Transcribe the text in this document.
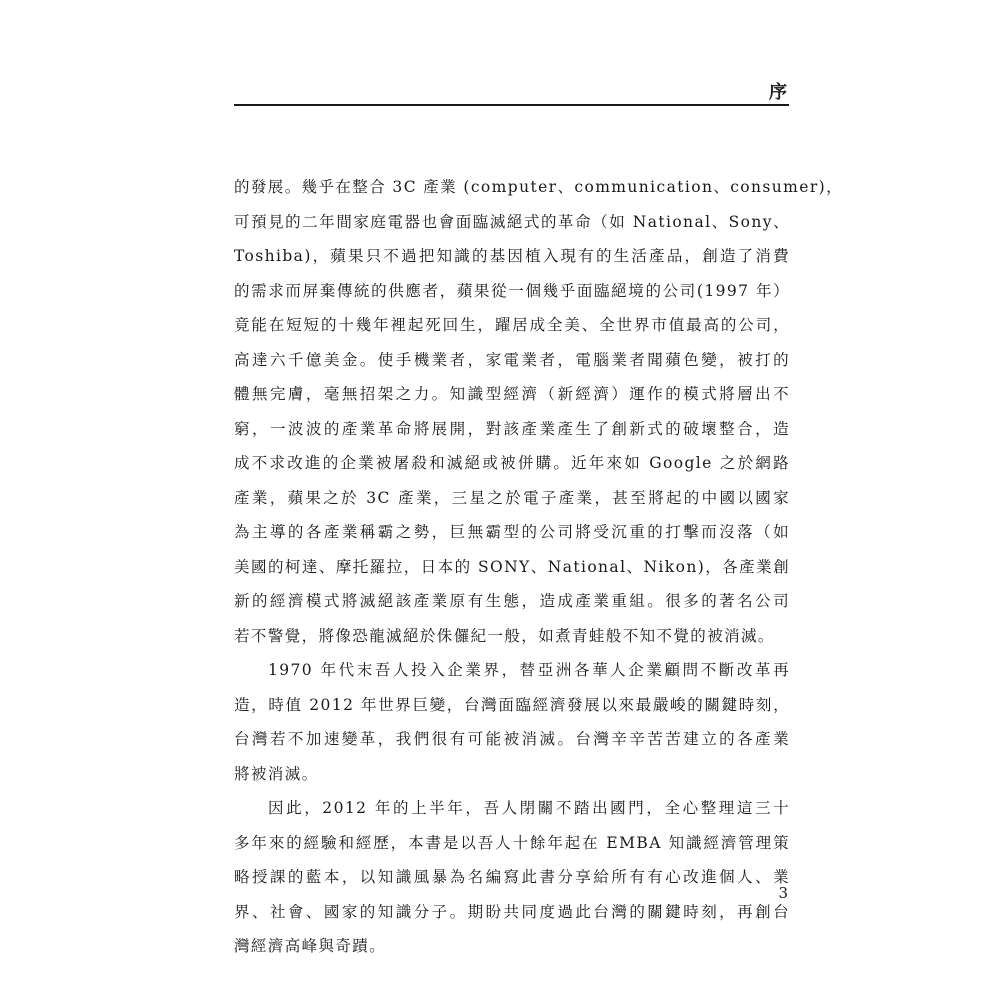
序
的發展。幾乎在整合 3C 產業 (computer、communication、consumer)，
可預見的二年間家庭電器也會面臨滅絕式的革命（如 National、Sony、
Toshiba)，蘋果只不過把知識的基因植入現有的生活產品，創造了消費
的需求而屏棄傳統的供應者，蘋果從一個幾乎面臨絕境的公司(1997 年）
竟能在短短的十幾年裡起死回生，躍居成全美、全世界市值最高的公司，
高達六千億美金。使手機業者，家電業者，電腦業者聞蘋色變，被打的
體無完膚，毫無招架之力。知識型經濟（新經濟）運作的模式將層出不
窮，一波波的產業革命將展開，對該產業產生了創新式的破壞整合，造
成不求改進的企業被屠殺和滅絕或被併購。近年來如 Google 之於網路
產業，蘋果之於 3C 產業，三星之於電子產業，甚至將起的中國以國家
為主導的各產業稱霸之勢，巨無霸型的公司將受沉重的打擊而沒落（如
美國的柯達、摩托羅拉，日本的 SONY、National、Nikon)，各產業創
新的經濟模式將滅絕該產業原有生態，造成產業重組。很多的著名公司
若不警覺，將像恐龍滅絕於侏儸紀一般，如煮青蛙般不知不覺的被消滅。
1970 年代末吾人投入企業界，替亞洲各華人企業顧問不斷改革再
造，時值 2012 年世界巨變，台灣面臨經濟發展以來最嚴峻的關鍵時刻，
台灣若不加速變革，我們很有可能被消滅。台灣辛辛苦苦建立的各產業
將被消滅。
因此，2012 年的上半年，吾人閉關不踏出國門，全心整理這三十
多年來的經驗和經歷，本書是以吾人十餘年起在 EMBA 知識經濟管理策
略授課的藍本，以知識風暴為名編寫此書分享給所有有心改進個人、業
界、社會、國家的知識分子。期盼共同度過此台灣的關鍵時刻，再創台
灣經濟高峰與奇蹟。
3
